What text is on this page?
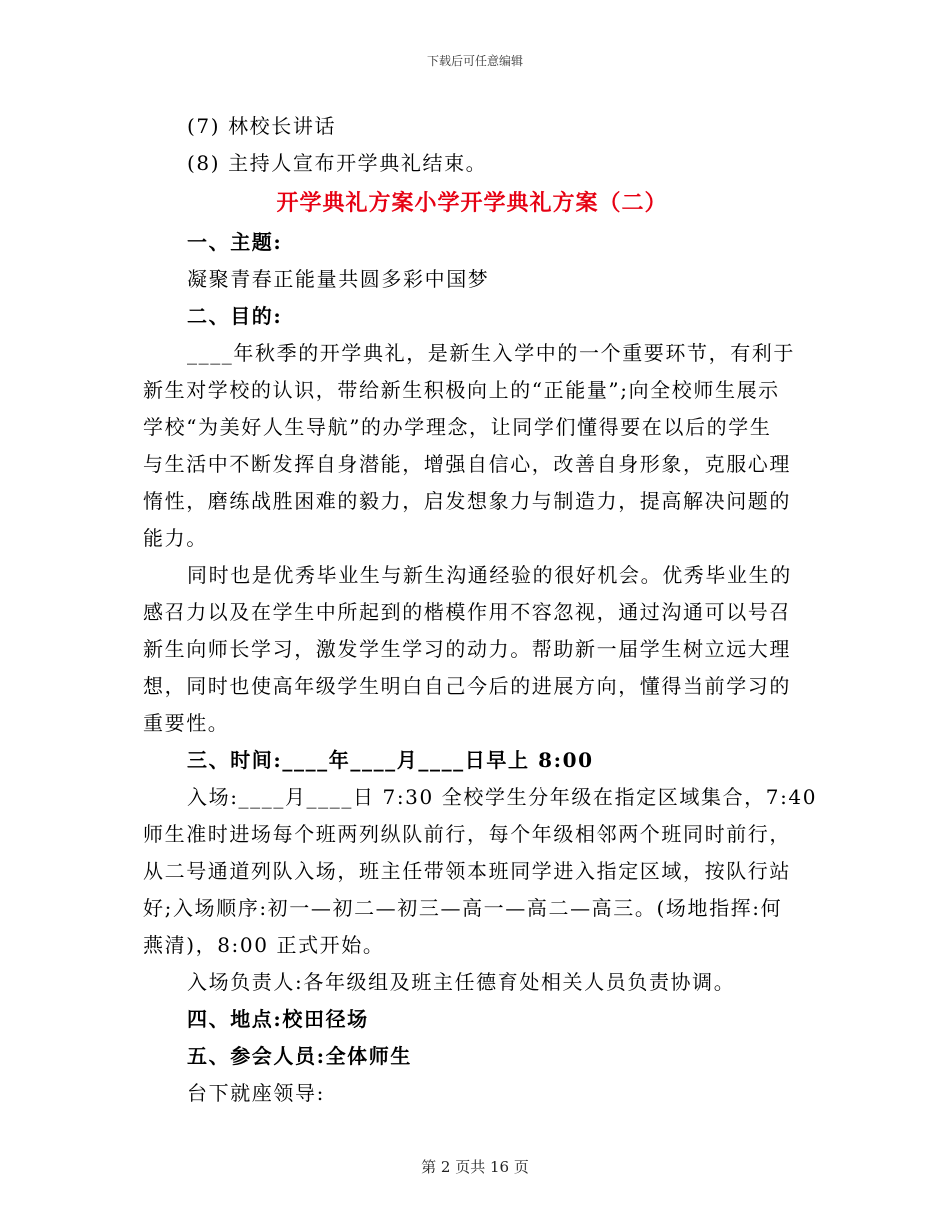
下载后可任意编辑
(7) 林校长讲话
(8) 主持人宣布开学典礼结束。
开学典礼方案小学开学典礼方案（二）
一、主题:
凝聚青春正能量共圆多彩中国梦
二、目的:
____年秋季的开学典礼，是新生入学中的一个重要环节，有利于
新生对学校的认识，带给新生积极向上的“正能量”;向全校师生展示
学校“为美好人生导航”的办学理念，让同学们懂得要在以后的学生
与生活中不断发挥自身潜能，增强自信心，改善自身形象，克服心理
惰性，磨练战胜困难的毅力，启发想象力与制造力，提高解决问题的
能力。
同时也是优秀毕业生与新生沟通经验的很好机会。优秀毕业生的
感召力以及在学生中所起到的楷模作用不容忽视，通过沟通可以号召
新生向师长学习，激发学生学习的动力。帮助新一届学生树立远大理
想，同时也使高年级学生明白自己今后的进展方向，懂得当前学习的
重要性。
三、时间:____年____月____日早上 8:00
入场:____月____日 7:30 全校学生分年级在指定区域集合，7:40
师生准时进场每个班两列纵队前行，每个年级相邻两个班同时前行，
从二号通道列队入场，班主任带领本班同学进入指定区域，按队行站
好;入场顺序:初一—初二—初三—高一—高二—高三。(场地指挥:何
燕清)，8:00 正式开始。
入场负责人:各年级组及班主任德育处相关人员负责协调。
四、地点:校田径场
五、参会人员:全体师生
台下就座领导:
第 2 页共 16 页
